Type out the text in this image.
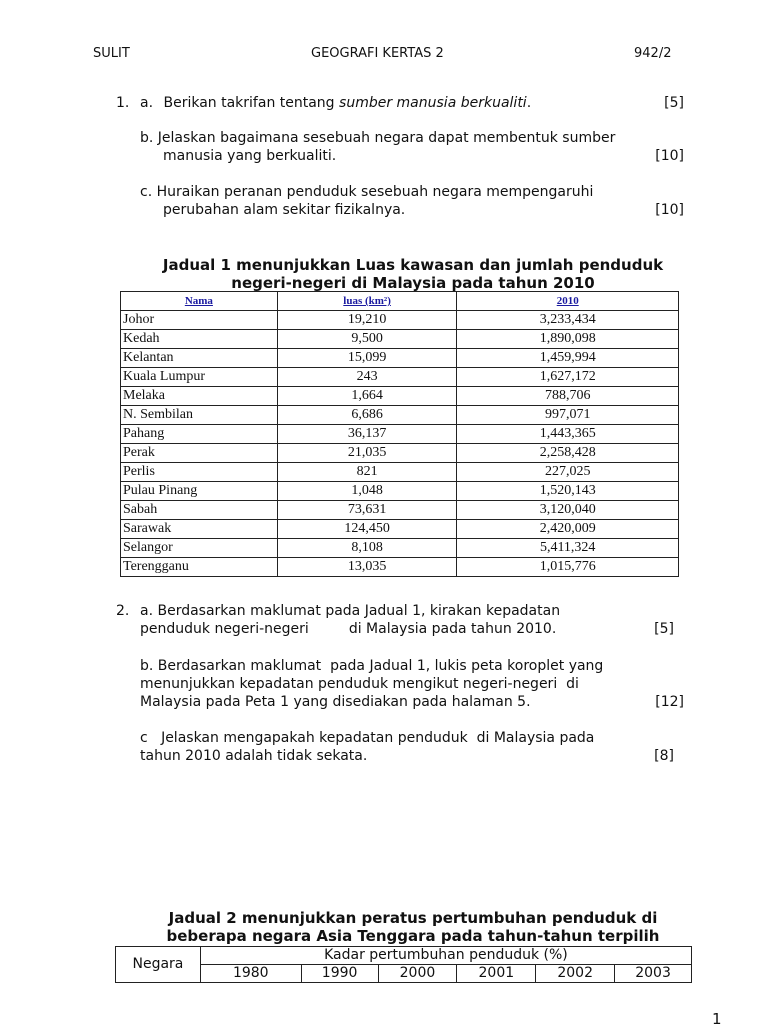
SULIT	GEOGRAFI KERTAS 2	942/2
1. a. Berikan takrifan tentang sumber manusia berkualiti.	[5]
b. Jelaskan bagaimana sesebuah negara dapat membentuk sumber
manusia yang berkualiti.	[10]
c. Huraikan peranan penduduk sesebuah negara mempengaruhi
perubahan alam sekitar fizikalnya.	[10]
Jadual 1 menunjukkan Luas kawasan dan jumlah penduduk
negeri-negeri di Malaysia pada tahun 2010
Nama	luas (km²)	2010
Johor	19,210	3,233,434
Kedah	9,500	1,890,098
Kelantan	15,099	1,459,994
Kuala Lumpur	243	1,627,172
Melaka	1,664	788,706
N. Sembilan	6,686	997,071
Pahang	36,137	1,443,365
Perak	21,035	2,258,428
Perlis	821	227,025
Pulau Pinang	1,048	1,520,143
Sabah	73,631	3,120,040
Sarawak	124,450	2,420,009
Selangor	8,108	5,411,324
Terengganu	13,035	1,015,776
2. a. Berdasarkan maklumat pada Jadual 1, kirakan kepadatan
penduduk negeri-negeri         di Malaysia pada tahun 2010.	[5]
b. Berdasarkan maklumat  pada Jadual 1, lukis peta koroplet yang
menunjukkan kepadatan penduduk mengikut negeri-negeri  di
Malaysia pada Peta 1 yang disediakan pada halaman 5.	[12]
c Jelaskan mengapakah kepadatan penduduk  di Malaysia pada
tahun 2010 adalah tidak sekata.	[8]
Jadual 2 menunjukkan peratus pertumbuhan penduduk di
beberapa negara Asia Tenggara pada tahun-tahun terpilih
Negara	Kadar pertumbuhan penduduk (%)					
	1980	1990	2000	2001	2002	2003
1
